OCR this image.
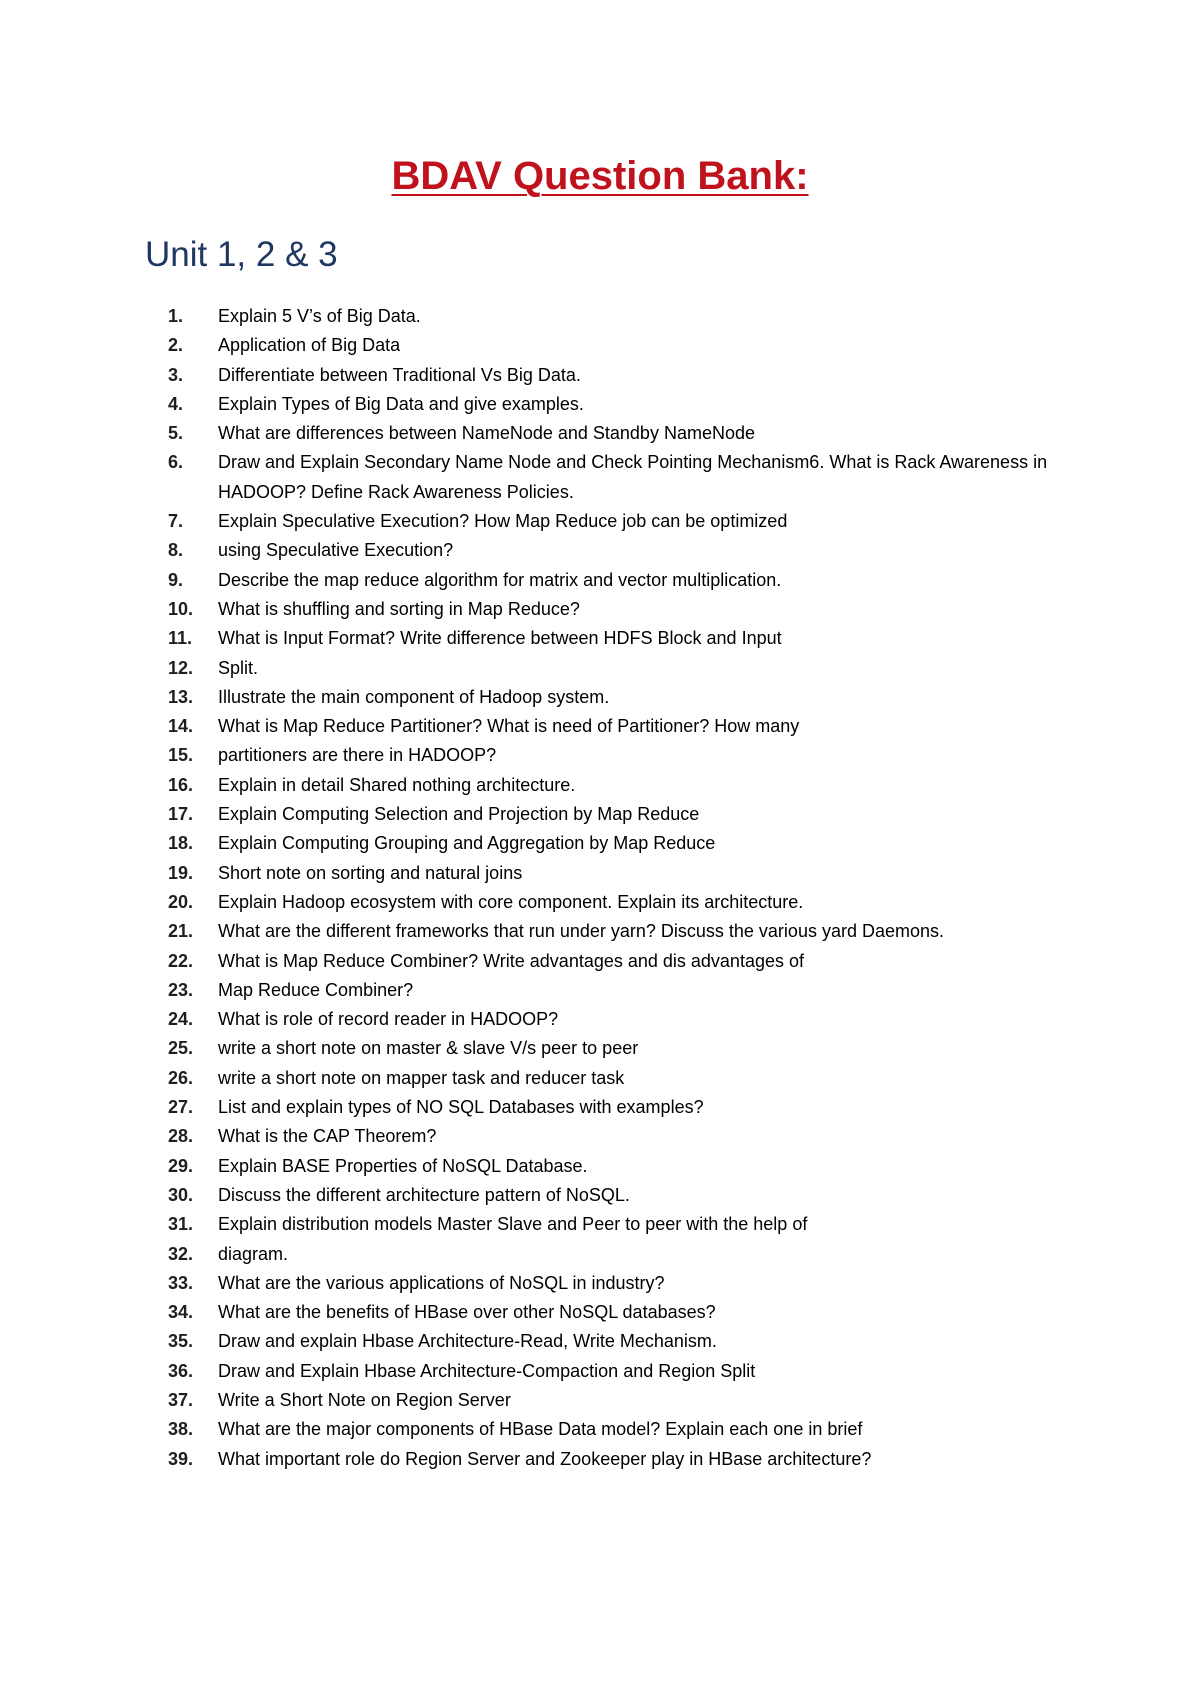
BDAV Question Bank:
Unit 1, 2 & 3
1. Explain 5 V’s of Big Data.
2. Application of Big Data
3. Differentiate between Traditional Vs Big Data.
4. Explain Types of Big Data and give examples.
5. What are differences between NameNode and Standby NameNode
6. Draw and Explain Secondary Name Node and Check Pointing Mechanism6. What is Rack Awareness in HADOOP? Define Rack Awareness Policies.
7. Explain Speculative Execution? How Map Reduce job can be optimized
8. using Speculative Execution?
9. Describe the map reduce algorithm for matrix and vector multiplication.
10. What is shuffling and sorting in Map Reduce?
11. What is Input Format? Write difference between HDFS Block and Input
12. Split.
13. Illustrate the main component of Hadoop system.
14. What is Map Reduce Partitioner? What is need of Partitioner? How many
15. partitioners are there in HADOOP?
16. Explain in detail Shared nothing architecture.
17. Explain Computing Selection and Projection by Map Reduce
18. Explain Computing Grouping and Aggregation by Map Reduce
19. Short note on sorting and natural joins
20. Explain Hadoop ecosystem with core component. Explain its architecture.
21. What are the different frameworks that run under yarn? Discuss the various yard Daemons.
22. What is Map Reduce Combiner? Write advantages and dis advantages of
23. Map Reduce Combiner?
24. What is role of record reader in HADOOP?
25. write a short note on master & slave V/s peer to peer
26. write a short note on mapper task and reducer task
27. List and explain types of NO SQL Databases with examples?
28. What is the CAP Theorem?
29. Explain BASE Properties of NoSQL Database.
30. Discuss the different architecture pattern of NoSQL.
31. Explain distribution models Master Slave and Peer to peer with the help of
32. diagram.
33. What are the various applications of NoSQL in industry?
34. What are the benefits of HBase over other NoSQL databases?
35. Draw and explain Hbase Architecture-Read, Write Mechanism.
36. Draw and Explain Hbase Architecture-Compaction and Region Split
37. Write a Short Note on Region Server
38. What are the major components of HBase Data model? Explain each one in brief
39. What important role do Region Server and Zookeeper play in HBase architecture?
